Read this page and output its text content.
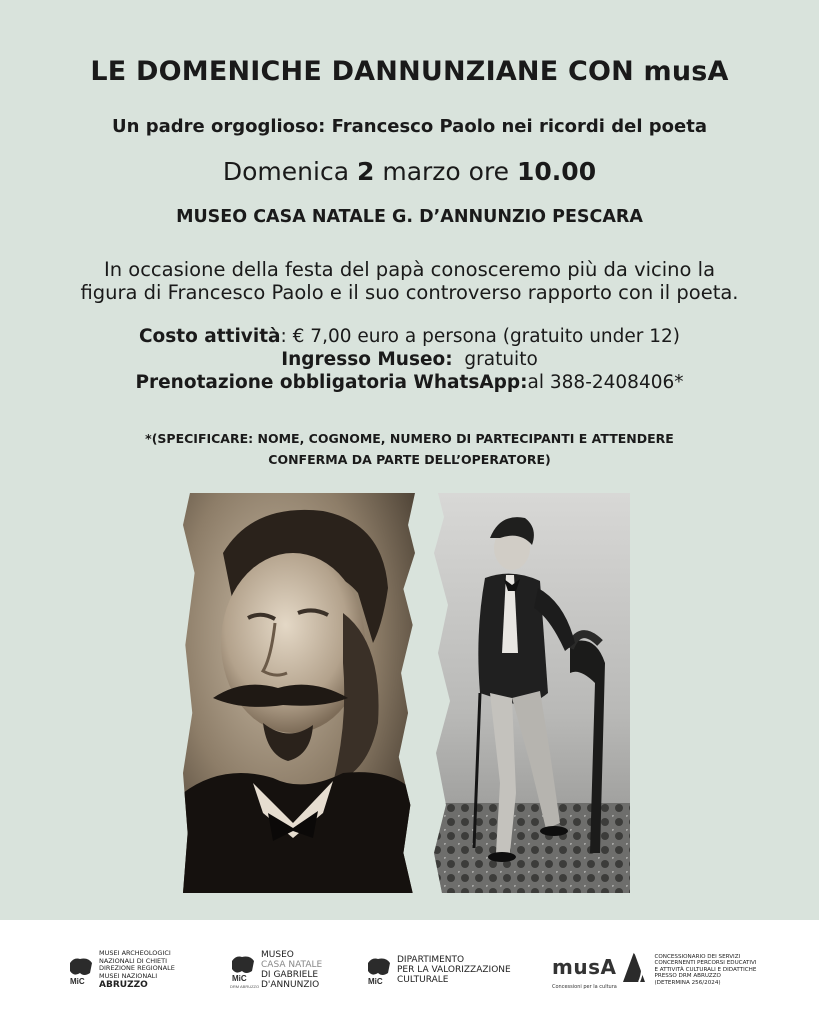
LE DOMENICHE DANNUNZIANE CON musA
Un padre orgoglioso: Francesco Paolo nei ricordi del poeta
Domenica 2 marzo ore 10.00
MUSEO CASA NATALE G. D’ANNUNZIO PESCARA
In occasione della festa del papà conosceremo più da vicino la
figura di Francesco Paolo e il suo controverso rapporto con il poeta.
Costo attività: € 7,00 euro a persona (gratuito under 12)
Ingresso Museo:  gratuito
Prenotazione obbligatoria WhatsApp:al 388-2408406*
*(SPECIFICARE: NOME, COGNOME, NUMERO DI PARTECIPANTI E ATTENDERE
CONFERMA DA PARTE DELL’OPERATORE)
MiC
MUSEI ARCHEOLOGICI
NAZIONALI DI CHIETI
DIREZIONE REGIONALE
MUSEI NAZIONALI
ABRUZZO
MiC
DRM ABRUZZO
MUSEO
CASA NATALE
DI GABRIELE
D'ANNUNZIO	MiC
DIPARTIMENTO
PER LA VALORIZZAZIONE
CULTURALE
musA
Concessioni per la cultura
CONCESSIONARIO DEI SERVIZI
CONCERNENTI PERCORSI EDUCATIVI
E ATTIVITÀ CULTURALI E DIDATTICHE
PRESSO DRM ABRUZZO
(DETERMINA 256/2024)
